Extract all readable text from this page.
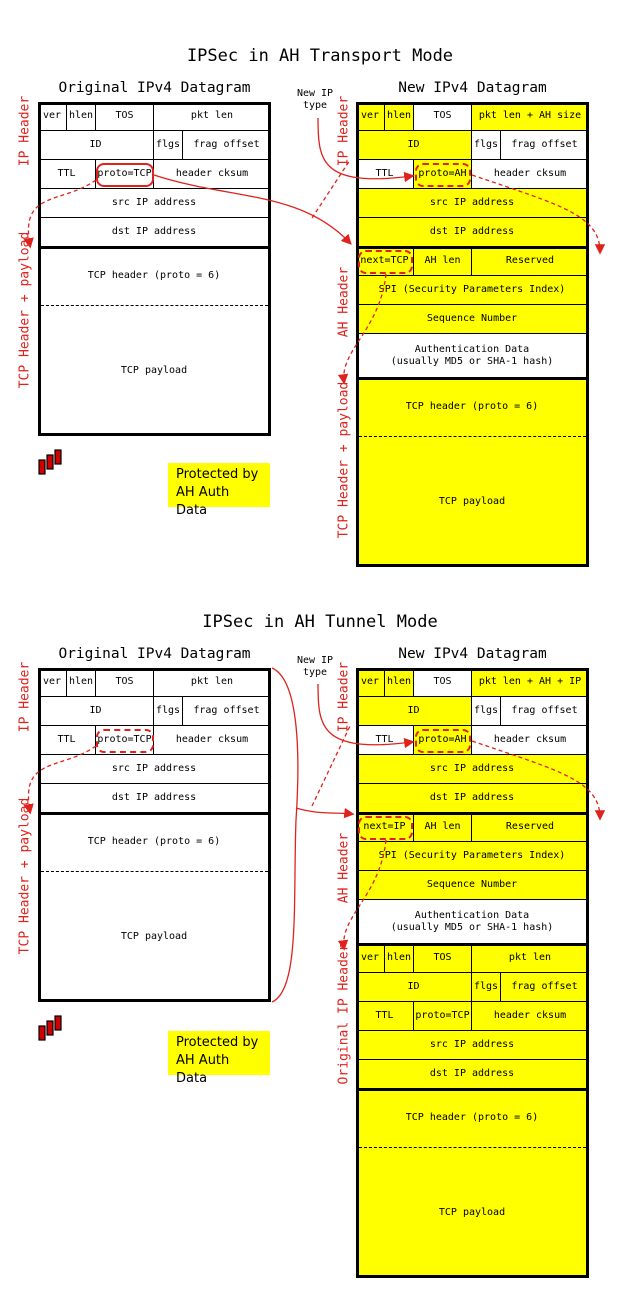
IPSec in AH Transport Mode
Original IPv4 Datagram	New IPv4 Datagram
New IP
type
ver hlen	TOS	pkt len
ID	flgs	frag offset
TTL	proto=TCP	header cksum
src IP address
dst IP address
TCP header (proto = 6)
TCP payload
ver hlen	TOS	pkt len + AH size
ID	flgs	frag offset
TTL	proto=AH	header cksum
src IP address
dst IP address
next=TCP	AH len	Reserved
SPI (Security Parameters Index)
Sequence Number
Authentication Data
(usually MD5 or SHA-1 hash)
TCP header (proto = 6)
TCP payload
IP Header
TCP Header + payload
IP Header
AH Header
TCP Header + payload
Protected by
AH Auth Data
IPSec in AH Tunnel Mode
Original IPv4 Datagram	New IPv4 Datagram
New IP
type
ver hlen	TOS	pkt len
ID	flgs	frag offset
TTL	proto=TCP	header cksum
src IP address
dst IP address
TCP header (proto = 6)
TCP payload
ver hlen	TOS	pkt len + AH + IP
ID	flgs	frag offset
TTL	proto=AH	header cksum
src IP address
dst IP address
next=IP	AH len	Reserved
SPI (Security Parameters Index)
Sequence Number
Authentication Data
(usually MD5 or SHA-1 hash)
ver hlen	TOS	pkt len
ID	flgs	frag offset
TTL	proto=TCP	header cksum
src IP address
dst IP address
TCP header (proto = 6)
TCP payload
IP Header
TCP Header + payload
IP Header
AH Header
Original IP Header
Protected by
AH Auth Data
